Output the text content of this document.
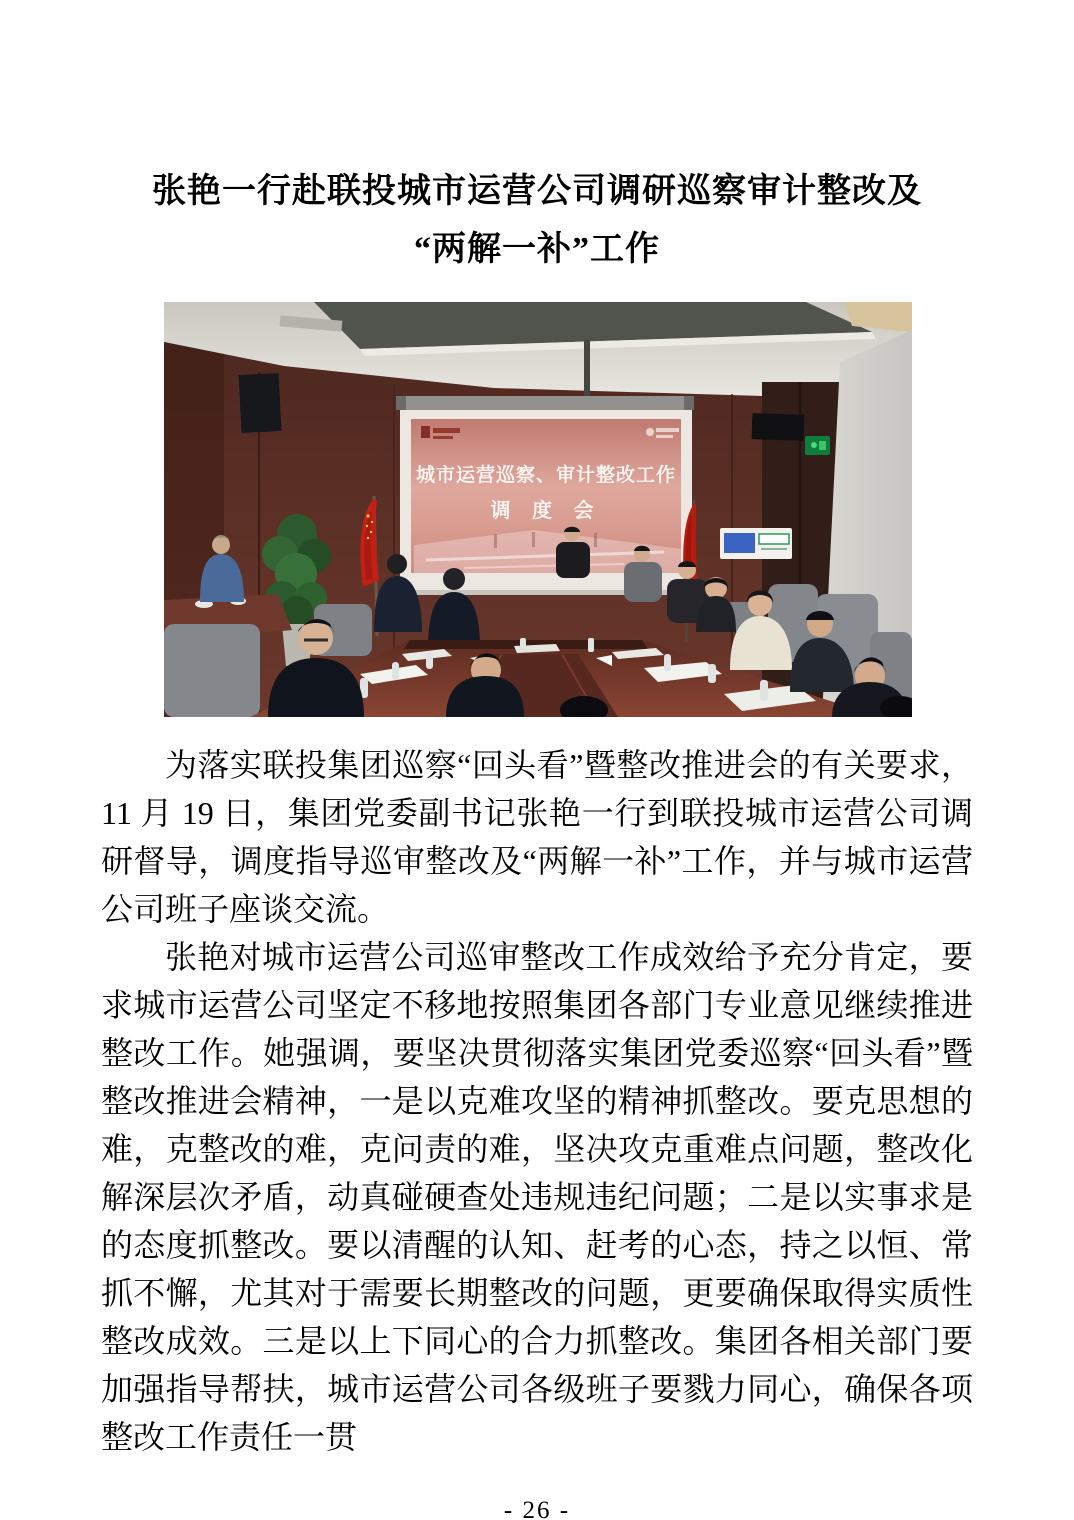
张艳一行赴联投城市运营公司调研巡察审计整改及
“两解一补”工作
城市运营巡察、审计整改工作
调 度 会

为落实联投集团巡察“回头看”暨整改推进会的有关要求，11 月 19 日，集团党委副书记张艳一行到联投城市运营公司调研督导，调度指导巡审整改及“两解一补”工作，并与城市运营公司班子座谈交流。

张艳对城市运营公司巡审整改工作成效给予充分肯定，要求城市运营公司坚定不移地按照集团各部门专业意见继续推进整改工作。她强调，要坚决贯彻落实集团党委巡察“回头看”暨整改推进会精神，一是以克难攻坚的精神抓整改。要克思想的难，克整改的难，克问责的难，坚决攻克重难点问题，整改化解深层次矛盾，动真碰硬查处违规违纪问题；二是以实事求是的态度抓整改。要以清醒的认知、赶考的心态，持之以恒、常抓不懈，尤其对于需要长期整改的问题，更要确保取得实质性整改成效。三是以上下同心的合力抓整改。集团各相关部门要加强指导帮扶，城市运营公司各级班子要戮力同心，确保各项整改工作责任一贯

- 26 -
